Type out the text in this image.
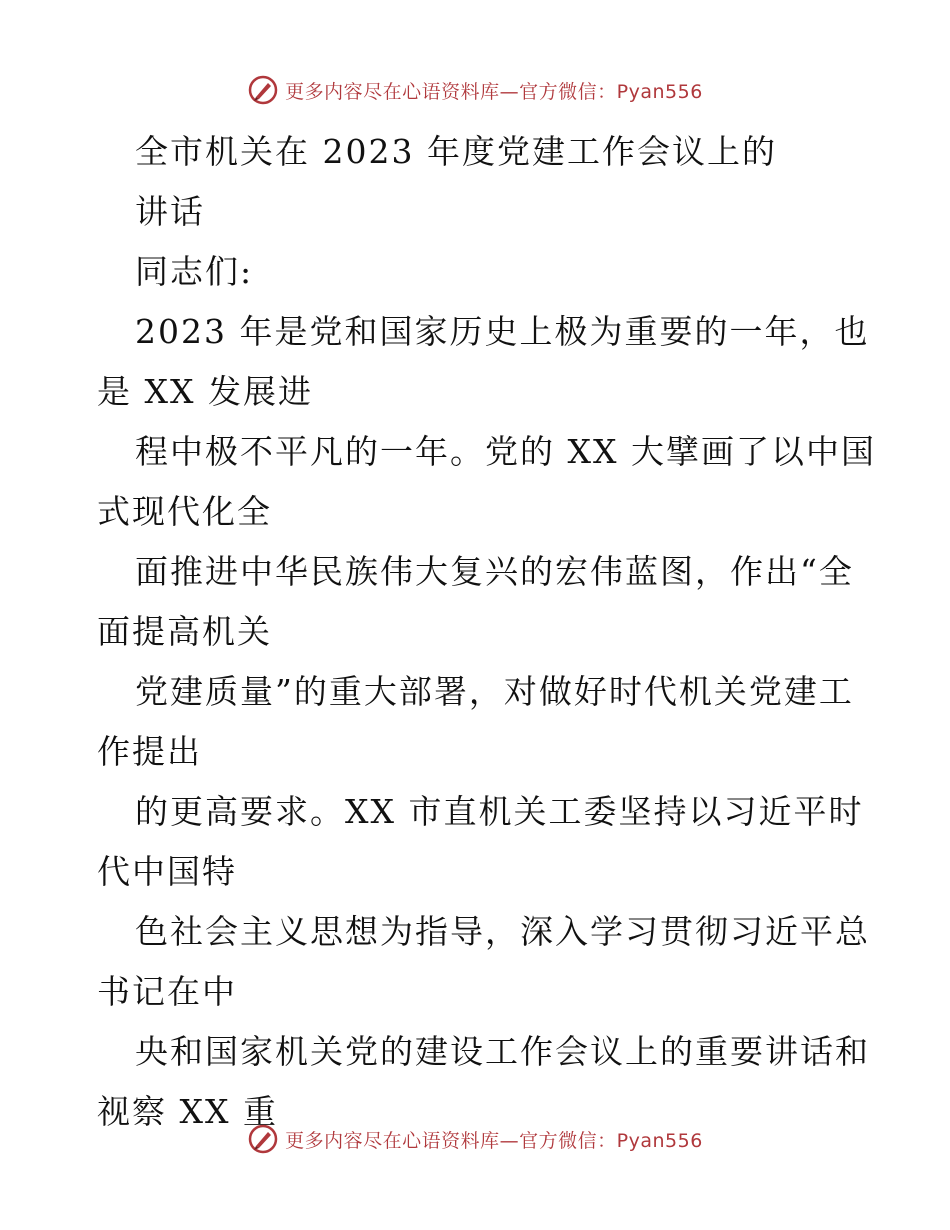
更多内容尽在心语资料库—官方微信：Pyan556
全市机关在 2023 年度党建工作会议上的
讲话
同志们:
2023 年是党和国家历史上极为重要的一年，也
是 XX 发展进
程中极不平凡的一年。党的 XX 大擘画了以中国
式现代化全
面推进中华民族伟大复兴的宏伟蓝图，作出“全
面提高机关
党建质量”的重大部署，对做好时代机关党建工
作提出
的更高要求。XX 市直机关工委坚持以习近平时
代中国特
色社会主义思想为指导，深入学习贯彻习近平总
书记在中
央和国家机关党的建设工作会议上的重要讲话和
视察 XX 重
更多内容尽在心语资料库—官方微信：Pyan556
